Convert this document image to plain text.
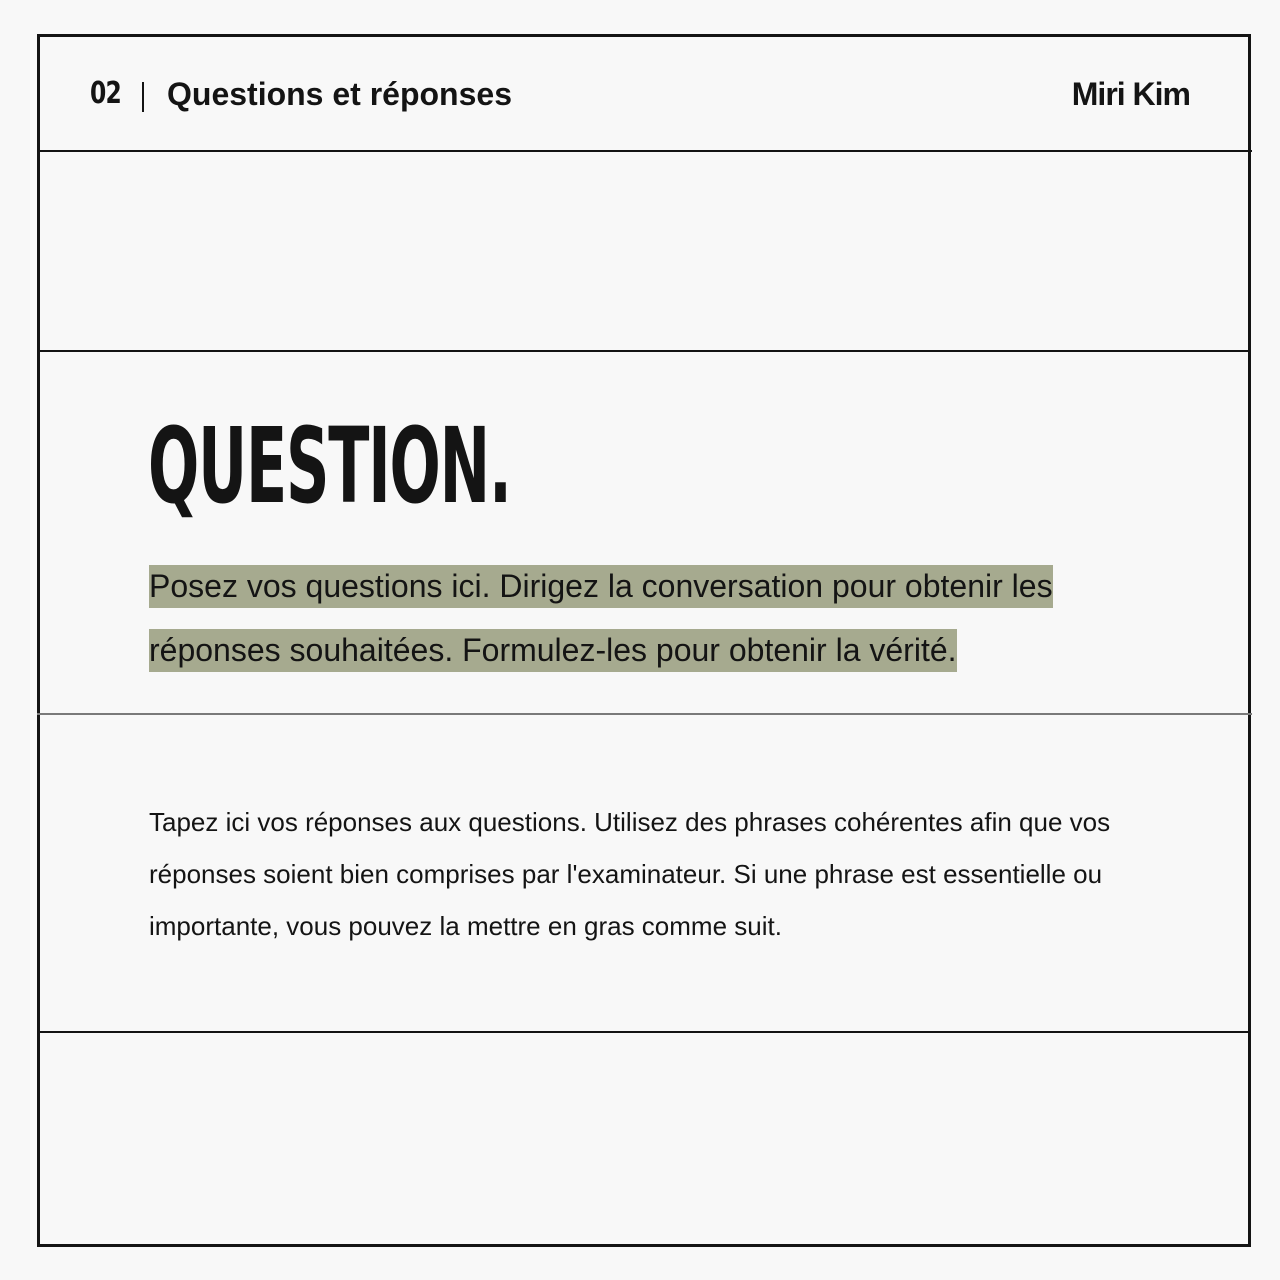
02 Questions et réponses	Miri Kim
QUESTION.

Posez vos questions ici. Dirigez la conversation pour obtenir les réponses souhaitées. Formulez-les pour obtenir la vérité.

Tapez ici vos réponses aux questions. Utilisez des phrases cohérentes afin que vos réponses soient bien comprises par l'examinateur. Si une phrase est essentielle ou importante, vous pouvez la mettre en gras comme suit.
